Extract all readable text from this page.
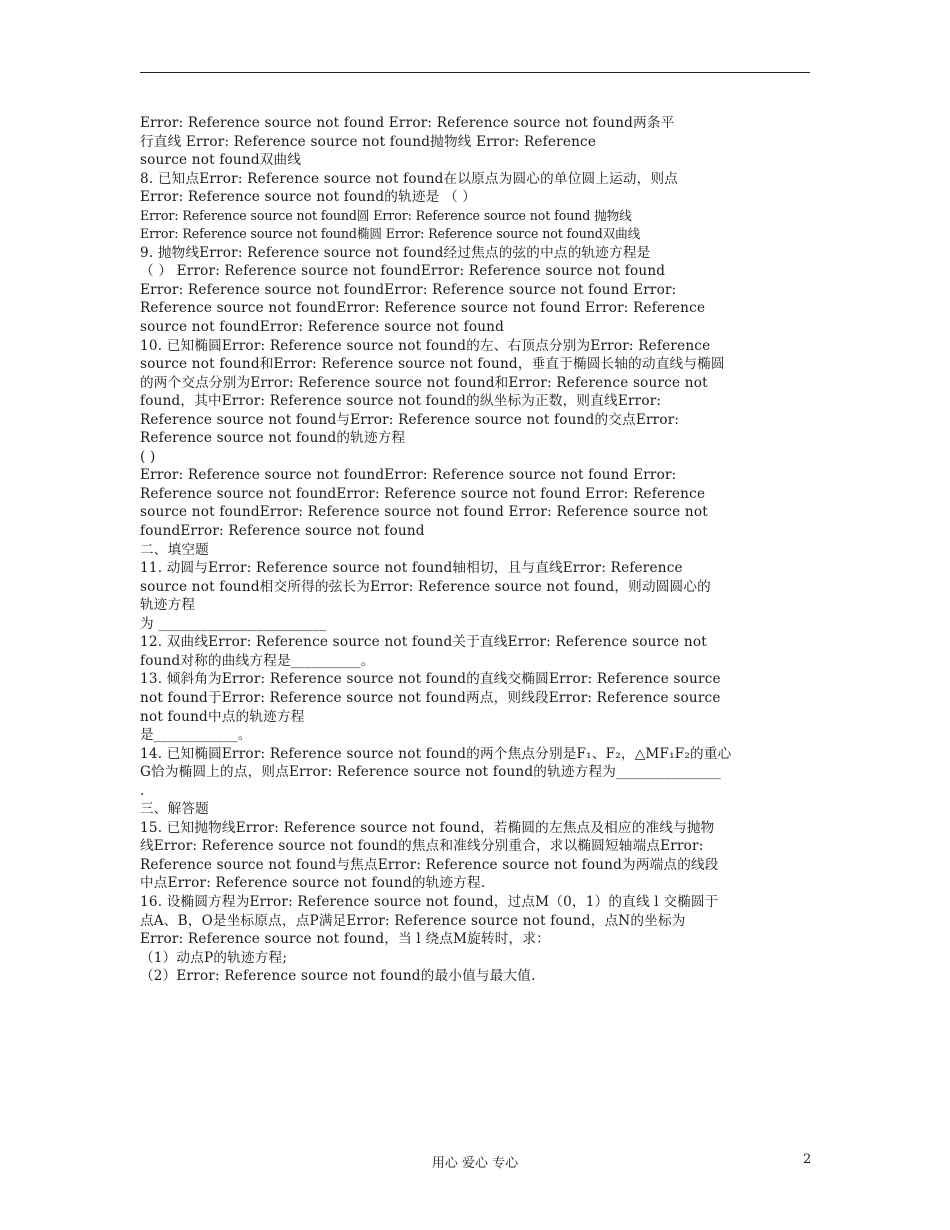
Error: Reference source not found Error: Reference source not found两条平
行直线 Error: Reference source not found抛物线 Error: Reference
source not found双曲线
8. 已知点Error: Reference source not found在以原点为圆心的单位圆上运动，则点
Error: Reference source not found的轨迹是 （ ）
Error: Reference source not found圆 Error: Reference source not found 抛物线
Error: Reference source not found椭圆 Error: Reference source not found双曲线
9. 抛物线Error: Reference source not found经过焦点的弦的中点的轨迹方程是
（ ） Error: Reference source not foundError: Reference source not found
Error: Reference source not foundError: Reference source not found Error:
Reference source not foundError: Reference source not found Error: Reference
source not foundError: Reference source not found
10. 已知椭圆Error: Reference source not found的左、右顶点分别为Error: Reference
source not found和Error: Reference source not found，垂直于椭圆长轴的动直线与椭圆
的两个交点分别为Error: Reference source not found和Error: Reference source not
found，其中Error: Reference source not found的纵坐标为正数，则直线Error:
Reference source not found与Error: Reference source not found的交点Error:
Reference source not found的轨迹方程
( )
Error: Reference source not foundError: Reference source not found Error:
Reference source not foundError: Reference source not found Error: Reference
source not foundError: Reference source not found Error: Reference source not
foundError: Reference source not found
二、填空题
11. 动圆与Error: Reference source not found轴相切，且与直线Error: Reference
source not found相交所得的弦长为Error: Reference source not found，则动圆圆心的
轨迹方程
为 ________________________
12. 双曲线Error: Reference source not found关于直线Error: Reference source not
found对称的曲线方程是__________。
13. 倾斜角为Error: Reference source not found的直线交椭圆Error: Reference source
not found于Error: Reference source not found两点，则线段Error: Reference source
not found中点的轨迹方程
是____________。
14. 已知椭圆Error: Reference source not found的两个焦点分别是F₁、F₂，△MF₁F₂的重心
G恰为椭圆上的点，则点Error: Reference source not found的轨迹方程为_______________
.
三、解答题
15. 已知抛物线Error: Reference source not found，若椭圆的左焦点及相应的准线与抛物
线Error: Reference source not found的焦点和准线分别重合，求以椭圆短轴端点Error:
Reference source not found与焦点Error: Reference source not found为两端点的线段
中点Error: Reference source not found的轨迹方程.
16. 设椭圆方程为Error: Reference source not found，过点M（0，1）的直线 l 交椭圆于
点A、B，O是坐标原点，点P满足Error: Reference source not found，点N的坐标为
Error: Reference source not found，当 l 绕点M旋转时，求：
（1）动点P的轨迹方程;
（2）Error: Reference source not found的最小值与最大值.
用心 爱心 专心	2
